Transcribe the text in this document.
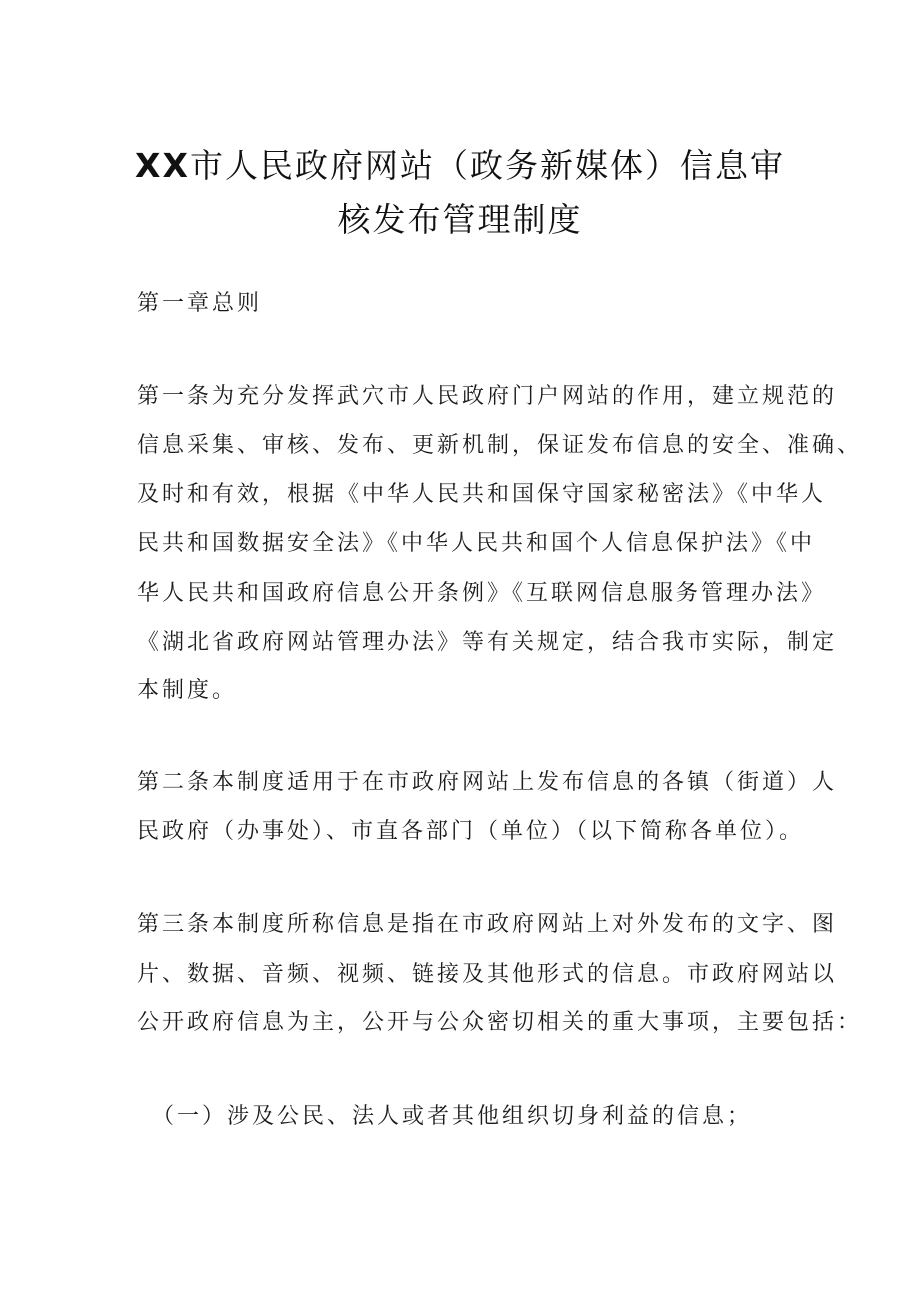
XX市人民政府网站（政务新媒体）信息审
核发布管理制度
第一章总则
第一条为充分发挥武穴市人民政府门户网站的作用，建立规范的
信息采集、审核、发布、更新机制，保证发布信息的安全、准确、
及时和有效，根据《中华人民共和国保守国家秘密法》《中华人
民共和国数据安全法》《中华人民共和国个人信息保护法》《中
华人民共和国政府信息公开条例》《互联网信息服务管理办法》
《湖北省政府网站管理办法》等有关规定，结合我市实际，制定
本制度。
第二条本制度适用于在市政府网站上发布信息的各镇（街道）人
民政府（办事处）、市直各部门（单位）（以下简称各单位）。
第三条本制度所称信息是指在市政府网站上对外发布的文字、图
片、数据、音频、视频、链接及其他形式的信息。市政府网站以
公开政府信息为主，公开与公众密切相关的重大事项，主要包括：
（一）涉及公民、法人或者其他组织切身利益的信息；
